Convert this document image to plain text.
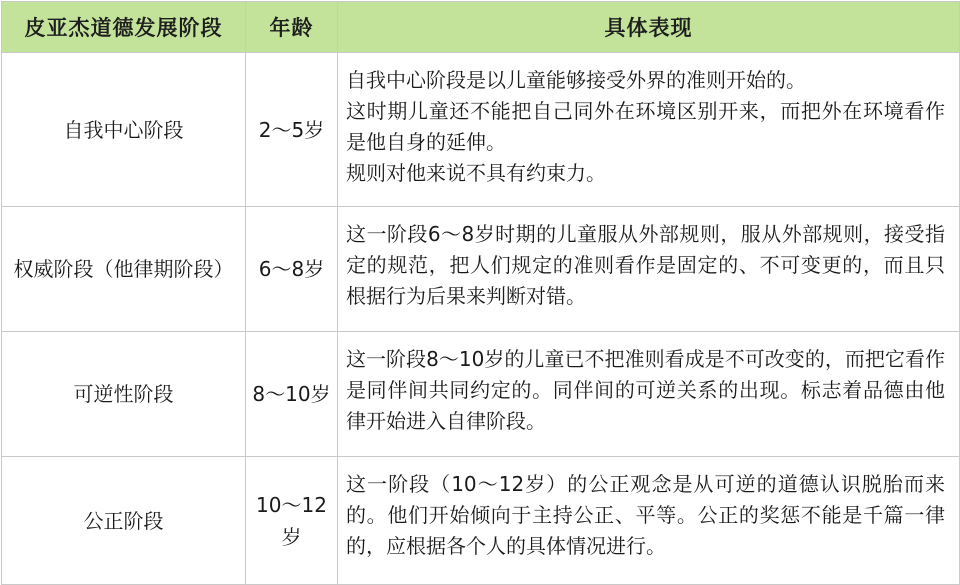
皮亚杰道德发展阶段	年龄	具体表现
自我中心阶段	2～5岁	自我中心阶段是以儿童能够接受外界的准则开始的。

这时期儿童还不能把自己同外在环境区别开来，而把外在环境看作是他自身的延伸。

规则对他来说不具有约束力。

权威阶段（他律期阶段）	6～8岁	这一阶段6～8岁时期的儿童服从外部规则，服从外部规则，接受指定的规范，把人们规定的准则看作是固定的、不可变更的，而且只根据行为后果来判断对错。

可逆性阶段	8～10岁	这一阶段8～10岁的儿童已不把准则看成是不可改变的，而把它看作是同伴间共同约定的。同伴间的可逆关系的出现。标志着品德由他律开始进入自律阶段。

公正阶段	10～12岁	这一阶段（10～12岁）的公正观念是从可逆的道德认识脱胎而来的。他们开始倾向于主持公正、平等。公正的奖惩不能是千篇一律的，应根据各个人的具体情况进行。
